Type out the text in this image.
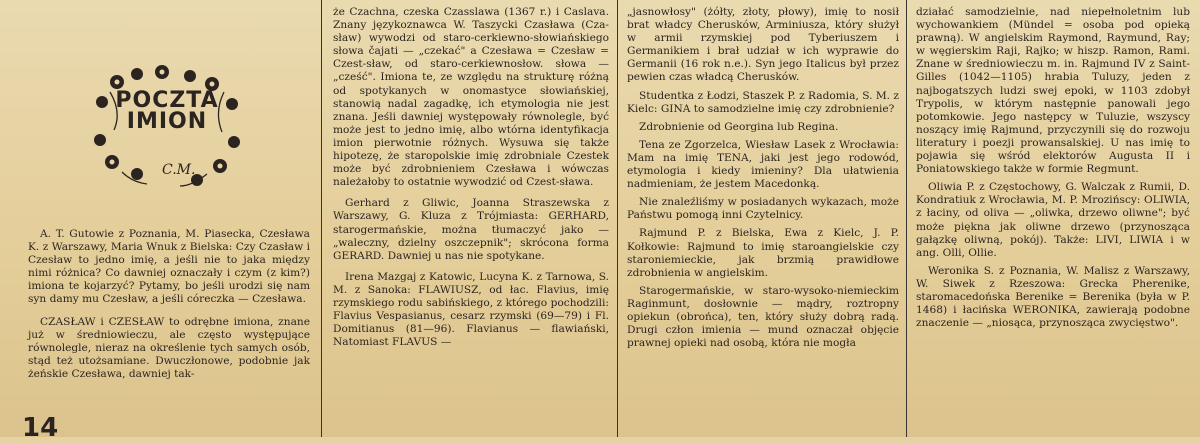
POCZTA IMION
C.M.

A. T. Gutowie z Poznania, M. Piasecka, Czesława K. z Warszawy, Maria Wnuk z Bielska: Czy Czasław i Czesław to jedno imię, a jeśli nie to jaka między nimi różnica? Co dawniej oznaczały i czym (z kim?) imiona te kojarzyć? Pytamy, bo jeśli urodzi się nam syn damy mu Czesław, a jeśli córeczka — Czesława.

CZASŁAW i CZESŁAW to odrębne imiona, znane już w średniowieczu, ale często występujące równolegle, nieraz na określenie tych samych osób, stąd też utożsamiane. Dwuczłonowe, podobnie jak żeńskie Czesława, dawniej tak-

14

że Czachna, czeska Czasslawa (1367 r.) i Caslava. Znany językoznawca W. Taszycki Czasława (Cza-sław) wywodzi od staro-cerkiewno-słowiańskiego słowa čajati — „czekać" a Czesława = Czesław = Czest-sław, od staro-cerkiewnosłow. słowa — „cześć". Imiona te, ze względu na strukturę różną od spotykanych w onomastyce słowiańskiej, stanowią nadal zagadkę, ich etymologia nie jest znana. Jeśli dawniej występowały równolegle, być może jest to jedno imię, albo wtórna identyfikacja imion pierwotnie różnych. Wysuwa się także hipotezę, że staropolskie imię zdrobniale Czestek może być zdrobnieniem Czesława i wówczas należałoby to ostatnie wywodzić od Czest-sława.

Gerhard z Gliwic, Joanna Straszewska z Warszawy, G. Kluza z Trójmiasta: GERHARD, starogermańskie, można tłumaczyć jako — „waleczny, dzielny oszczepnik"; skrócona forma GERARD. Dawniej u nas nie spotykane.

Irena Mazgaj z Katowic, Lucyna K. z Tarnowa, S. M. z Sanoka: FLAWIUSZ, od łac. Flavius, imię rzymskiego rodu sabińskiego, z którego pochodzili: Flavius Vespasianus, cesarz rzymski (69—79) i Fl. Domitianus (81—96). Flavianus — flawiański, Natomiast FLAVUS —

„jasnowłosy" (żółty, złoty, płowy), imię to nosił brat władcy Cherusków, Arminiusza, który służył w armii rzymskiej pod Tyberiuszem i Germanikiem i brał udział w ich wyprawie do Germanii (16 rok n.e.). Syn jego Italicus był przez pewien czas władcą Cherusków.

Studentka z Łodzi, Staszek P. z Radomia, S. M. z Kielc: GINA to samodzielne imię czy zdrobnienie?

Zdrobnienie od Georgina lub Regina.

Tena ze Zgorzelca, Wiesław Lasek z Wrocławia: Mam na imię TENA, jaki jest jego rodowód, etymologia i kiedy imieniny? Dla ułatwienia nadmieniam, że jestem Macedonką.

Nie znaleźliśmy w posiadanych wykazach, może Państwu pomogą inni Czytelnicy.

Rajmund P. z Bielska, Ewa z Kielc, J. P. Kołkowie: Rajmund to imię staroangielskie czy staroniemieckie, jak brzmią prawidłowe zdrobnienia w angielskim.

Starogermańskie, w staro-wysoko-niemieckim Raginmunt, dosłownie — mądry, roztropny opiekun (obrońca), ten, który służy dobrą radą. Drugi człon imienia — mund oznaczał objęcie prawnej opieki nad osobą, która nie mogła

działać samodzielnie, nad niepełnoletnim lub wychowankiem (Mündel = osoba pod opieką prawną). W angielskim Raymond, Raymund, Ray; w węgierskim Raji, Rajko; w hiszp. Ramon, Rami. Znane w średniowieczu m. in. Rajmund IV z Saint-Gilles (1042—1105) hrabia Tuluzy, jeden z najbogatszych ludzi swej epoki, w 1103 zdobył Trypolis, w którym następnie panowali jego potomkowie. Jego następcy w Tuluzie, wszyscy noszący imię Rajmund, przyczynili się do rozwoju literatury i poezji prowansalskiej. U nas imię to pojawia się wśród elektorów Augusta II i Poniatowskiego także w formie Regmunt.

Oliwia P. z Częstochowy, G. Walczak z Rumii, D. Kondratiuk z Wrocławia, M. P. Mrozińscy: OLIWIA, z łaciny, od oliva — „oliwka, drzewo oliwne"; być może piękna jak oliwne drzewo (przynosząca gałązkę oliwną, pokój). Także: LIVI, LIWIA i w ang. Olli, Ollie.

Weronika S. z Poznania, W. Malisz z Warszawy, W. Siwek z Rzeszowa: Grecka Pherenike, staromacedońska Berenike = Berenika (była w P. 1468) i łacińska WERONIKA, zawierają podobne znaczenie — „niosąca, przynosząca zwycięstwo".
